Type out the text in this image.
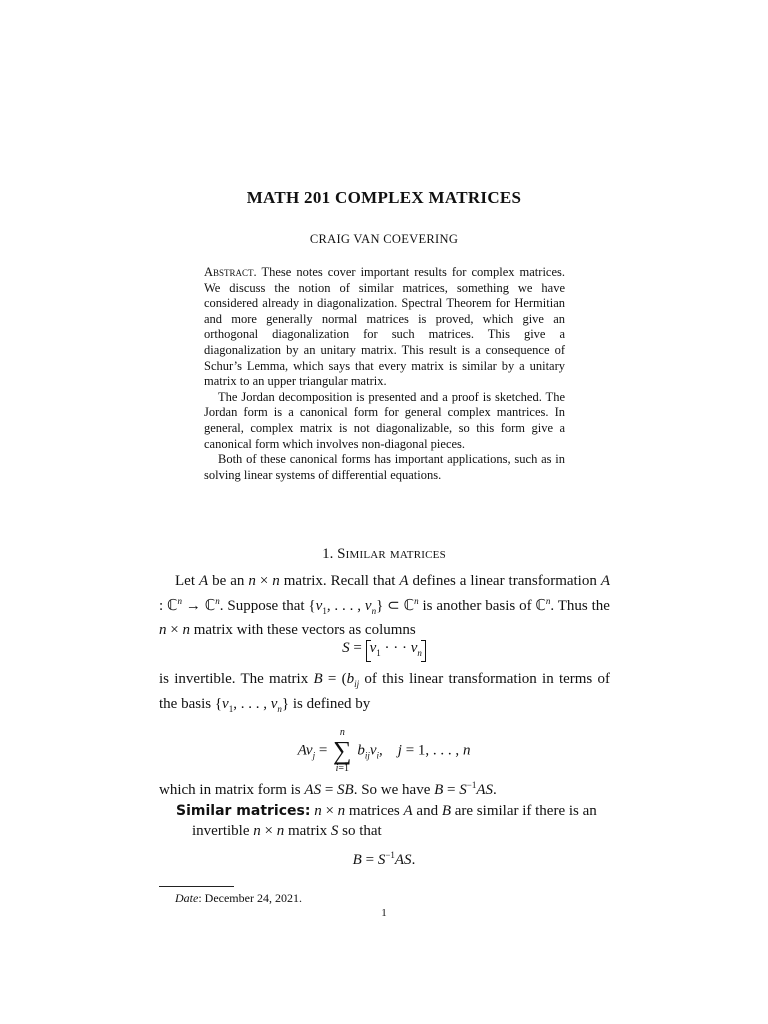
MATH 201 COMPLEX MATRICES
CRAIG VAN COEVERING

Abstract. These notes cover important results for complex matrices. We discuss the notion of similar matrices, something we have considered already in diagonalization. Spectral Theorem for Hermitian and more generally normal matrices is proved, which give an orthogonal diagonalization for such matrices. This give a diagonalization by an unitary matrix. This result is a consequence of Schur’s Lemma, which says that every matrix is similar by a unitary matrix to an upper triangular matrix.

The Jordan decomposition is presented and a proof is sketched. The Jordan form is a canonical form for general complex mantrices. In general, complex matrix is not diagonalizable, so this form give a canonical form which involves non-diagonal pieces.

Both of these canonical forms has important applications, such as in solving linear systems of differential equations.

1. Similar matrices

Let A be an n × n matrix. Recall that A defines a linear transformation A : ℂ$^n$ → ℂ$^n$. Suppose that {$v_1$, . . . , $v_n$} ⊂ ℂ$^n$ is another basis of ℂ$^n$. Thus the n × n matrix with these vectors as columns

$S = v_1$ · · · $v_n$

is invertible. The matrix $B = (b_{ij}$ of this linear transformation in terms of the basis {$v_1$, . . . , $v_n$} is defined by

$Av_j$ =
n
∑
i=1
$b_{ij}v_i$,    j = 1, . . . , n

which in matrix form is AS = SB. So we have $B = S^{-1}AS$.

Similar matrices: n × n matrices A and B are similar if there is an invertible n × n matrix S so that

$B = S^{-1}AS$.
Date: December 24, 2021.
1
